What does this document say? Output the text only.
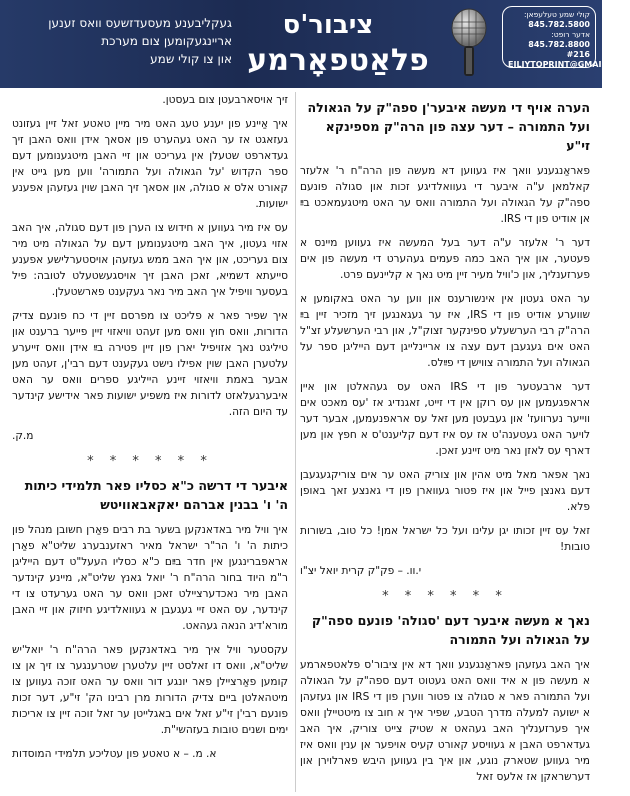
געקליבענע מעסעדזשעס וואס זענען
אריינגעקומען צום מערכת
און צו קולי שמע
ציבור'ס
פלאַטפאָרמע
קולי שמע טעלעפאן:
845.782.5800
אדער רופט:
845.782.8800 #216
EILIYTOPRINT@GMAIL.COM
הערה אויף די מעשה איבער'ן ספה"ק על הגאולה ועל התמורה – דער עצה פון הרה"ק מספינקא זי"ע

פאראַנגענע וואך איז געווען דא מעשה פון הרה"ח ר' אלעזר קאלמאן ע"ה איבער די געוואלדיגע זכות און סגולה פונעם ספה"ק על הגאולה ועל התמורה וואס ער האט מיטגעמאכט בײַ אן אודיט פון די IRS.

דער ר' אלעזר ע"ה דער בעל המעשה איז געווען מיינס א פעטער, און איך האב כמה פעמים געהערט די מעשה פון אים פערזענליך, און כ'וויל מעיר זיין מיט נאך א קליינעם פרט.

ער האט געטון אין אינשורענס און ווען ער האט באקומען א שווערע אודיט פון די IRS, איז ער געגאנגען זיך מזכיר זיין בײַ הרה"ק רבי הערשעלע ספינקער זצוק"ל, און רבי הערשעלע זצ"ל האט אים געגעבן דעם עצה צו אריינלייגן דעם הייליגן ספר על הגאולה ועל התמורה צווישן די פײַלס.

דער ארבעטער פון די IRS האט עס געהאלטן און איין אראפגעמען און עס רוקן אין די זייט, זאגנדיג אז 'עס מאכט אים ווייער נערוועז' און געבעטן מען זאל עס אראפנעמען, אבער דער לויער האט געטענה'ט אז עס איז דעם קליענט'ס א חפץ און מען דארף עס לאזן נאר מיט זיינע זאכן.

נאך אפאר מאל מיט אהין און צוריק האט ער אים צוריקגעגעבן דעם גאנצן פייל און איז פטור געווארן פון די גאנצע זאך באופן פלא.

זאל עס זיין זכותו יגן עלינו ועל כל ישראל אמן! כל טוב, בשורות טובות!

י.וו. – פק"ק קרית יואל יצ"ו
* * * * * *
נאך א מעשה איבער דעם 'סגולה' פונעם ספה"ק על הגאולה ועל התמורה

איך האב געזעהן פאראַנגענע וואך דא אין ציבור'ס פלאטפארמע א מעשה פון א איד וואס האט געטוט דעם ספה"ק על הגאולה ועל התמורה פאר א סגולה צו פטור ווערן פון די IRS און געזעהן א ישועה למעלה מדרך הטבע, שפיר איך א חוב צו מיטטיילן וואס איך פערזענליך האב געהאט א שטיק צייט צוריק, איך האב געדארפט האבן א געוויסע קאורט קעיס אויפער אן ענין וואס איז מיר געווען שטארק נוגע, און איך בין געווען היבש פארלוירן און דערשראקן אז אלעס זאל

זיך אויסארבעטן צום בעסטן.

איך אַיינע פון יענע טעג האט מיר מיין טאטע זאל זיין געזונט געזאגט אז ער האט געהערט פון אסאך אידן וואס האבן זיך געדארפט שטעלן אין געריכט און זיי האבן מיטגענומען דעם ספר הקדוש 'על הגאולה ועל התמורה' ווען מען גייט אין קאורט אלס א סגולה, און אסאך זיך האבן שוין געזעהן אפענע ישועות.

עס איז מיר געווען א חידוש צו הערן פון דעם סגולה, איך האב אזוי געטון, איך האב מיטגענומען דעם על הגאולה מיט מיר צום געריכט, און איך האב ממש געזעהן אויסטערלישע אפענע סייעתא דשמיא, זאכן האבן זיך אויסגעשטעלט לטובה: פיל בעסער וויפיל איך האב מיר נאר געקענט פארשטעלן.

איך שפיר פאר א פליכט צו מפרסם זיין די כח פונעם צדיק הדורות, וואס חוץ וואס מען זעהט וויאזוי זיין פייער ברענט און טיליגט נאך אזויפיל יארן פון זיין פטירה בײַ אידן וואס זייערע עלטערן האבן שוין אפילו נישט געקענט דעם רבי'ן, זעהט מען אבער באמת וויאזוי זיינע הייליגע ספרים וואס ער האט איבערגעלאזט לדורות איז משפיע ישועות פאר אידישע קינדער עד היום הזה.

מ.ק.
* * * * * *
איבער די דרשה כ"א כסליו פאר תלמידי כיתות ה' ו' בבנין אברהם יאקאבאוויטש

איך וויל מיר באדאנקען בשער בת רבים פאַרן חשובן מנהל פון כיתות ה' ו' הר"ר ישראל מאיר ראזענבערג שליט"א פאַרן אראפברינגען אין חדר בײַם כ"א כסליו העעל"ט דעם הייליגן ר"מ היוד בחור הרה"ח ר' יואל גאנץ שליט"א, מיינע קינדער האבן מיר נאכדערציילט זאכן וואס ער האט גערעדט צו די קינדער, עס האט זיי געגעבן א געוואלדיגע חיזוק און זיי האבן מורא'דיג הנאה געהאט.

עקסטער וויל איך מיר באדאנקען פאר הרה"ח ר' יואל'יש שליט"א, וואס דו זאלסט זיין עלטערן שטרענגער צו זיך אן צו קומען פאַרציילן פאר יונגע דור וואס ער האט זוכה געווען צו מיטהאלטן ביים צדיק הדורות מרן רבינו הק' זי"ע, דער זכות פונעם רבי'ן זי"ע זאל אים באגלייטן ער זאל זוכה זיין צו אריכות ימים ושנים טובות בעזהשי"ת.

א. מ. – א טאטע פון עטליכע תלמידי המוסדות
